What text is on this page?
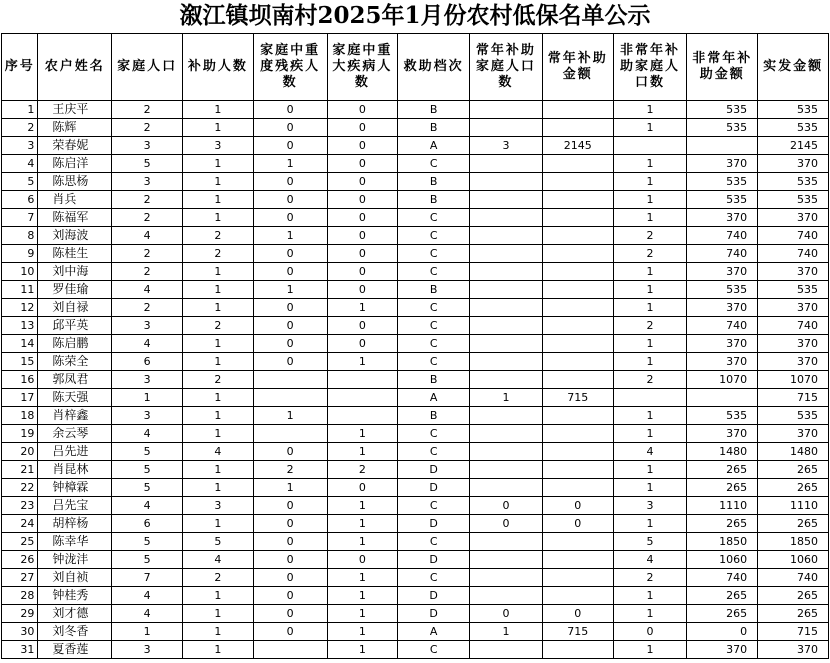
溆江镇坝南村2025年1月份农村低保名单公示
序号	农户姓名	家庭人口	补助人数	家庭中重度残疾人数	家庭中重大疾病人数	救助档次	常年补助家庭人口数	常年补助金额	非常年补助家庭人口数	非常年补助金额	实发金额
1	王庆平	2	1	0	0	B			1	535	535
2	陈辉	2	1	0	0	B			1	535	535
3	荣春妮	3	3	0	0	A	3	2145			2145
4	陈启洋	5	1	1	0	C			1	370	370
5	陈思杨	3	1	0	0	B			1	535	535
6	肖兵	2	1	0	0	B			1	535	535
7	陈福军	2	1	0	0	C			1	370	370
8	刘海波	4	2	1	0	C			2	740	740
9	陈桂生	2	2	0	0	C			2	740	740
10	刘中海	2	1	0	0	C			1	370	370
11	罗佳瑜	4	1	1	0	B			1	535	535
12	刘自禄	2	1	0	1	C			1	370	370
13	邱平英	3	2	0	0	C			2	740	740
14	陈启鹏	4	1	0	0	C			1	370	370
15	陈荣全	6	1	0	1	C			1	370	370
16	郭凤君	3	2			B			2	1070	1070
17	陈天强	1	1			A	1	715			715
18	肖梓鑫	3	1	1		B			1	535	535
19	余云琴	4	1		1	C			1	370	370
20	吕先进	5	4	0	1	C			4	1480	1480
21	肖昆林	5	1	2	2	D			1	265	265
22	钟樟霖	5	1	1	0	D			1	265	265
23	吕先宝	4	3	0	1	C	0	0	3	1110	1110
24	胡梓杨	6	1	0	1	D	0	0	1	265	265
25	陈幸华	5	5	0	1	C			5	1850	1850
26	钟泷沣	5	4	0	0	D			4	1060	1060
27	刘自祯	7	2	0	1	C			2	740	740
28	钟桂秀	4	1	0	1	D			1	265	265
29	刘才德	4	1	0	1	D	0	0	1	265	265
30	刘冬香	1	1	0	1	A	1	715	0	0	715
31	夏香莲	3	1		1	C			1	370	370
